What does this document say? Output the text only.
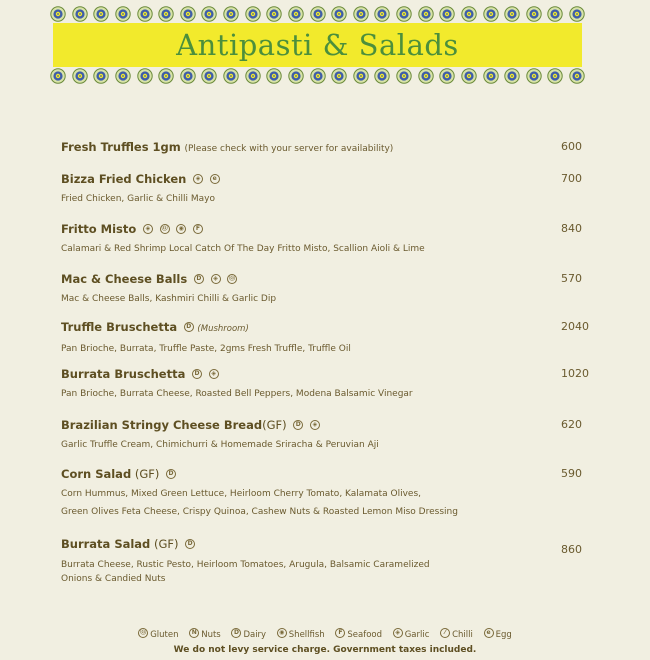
Antipasti & Salads
Fresh Truffles 1gm (Please check with your server for availability)	600
Bizza Fried Chicken ◈ e
Fried Chicken, Garlic & Chilli Mayo
700
Fritto Misto ◈ Ⓖ ◉ F
Calamari & Red Shrimp Local Catch Of The Day Fritto Misto, Scallion Aioli & Lime
840
Mac & Cheese Balls D ◈ Ⓖ
Mac & Cheese Balls, Kashmiri Chilli & Garlic Dip
570
Truffle Bruschetta D (Mushroom)
Pan Brioche, Burrata, Truffle Paste, 2gms Fresh Truffle, Truffle Oil
2040
Burrata Bruschetta D ◈
Pan Brioche, Burrata Cheese, Roasted Bell Peppers, Modena Balsamic Vinegar
1020
Brazilian Stringy Cheese Bread(GF) D ◈
Garlic Truffle Cream, Chimichurri & Homemade Sriracha & Peruvian Aji
620
Corn Salad (GF) D
Corn Hummus, Mixed Green Lettuce, Heirloom Cherry Tomato, Kalamata Olives,
Green Olives Feta Cheese, Crispy Quinoa, Cashew Nuts & Roasted Lemon Miso Dressing
590
Burrata Salad (GF) D
Burrata Cheese, Rustic Pesto, Heirloom Tomatoes, Arugula, Balsamic Caramelized
Onions & Candied Nuts
860
Ⓖ Gluten N Nuts D Dairy ◉ Shellfish F Seafood ◈ Garlic	⁄ Chilli e Egg
We do not levy service charge. Government taxes included.
